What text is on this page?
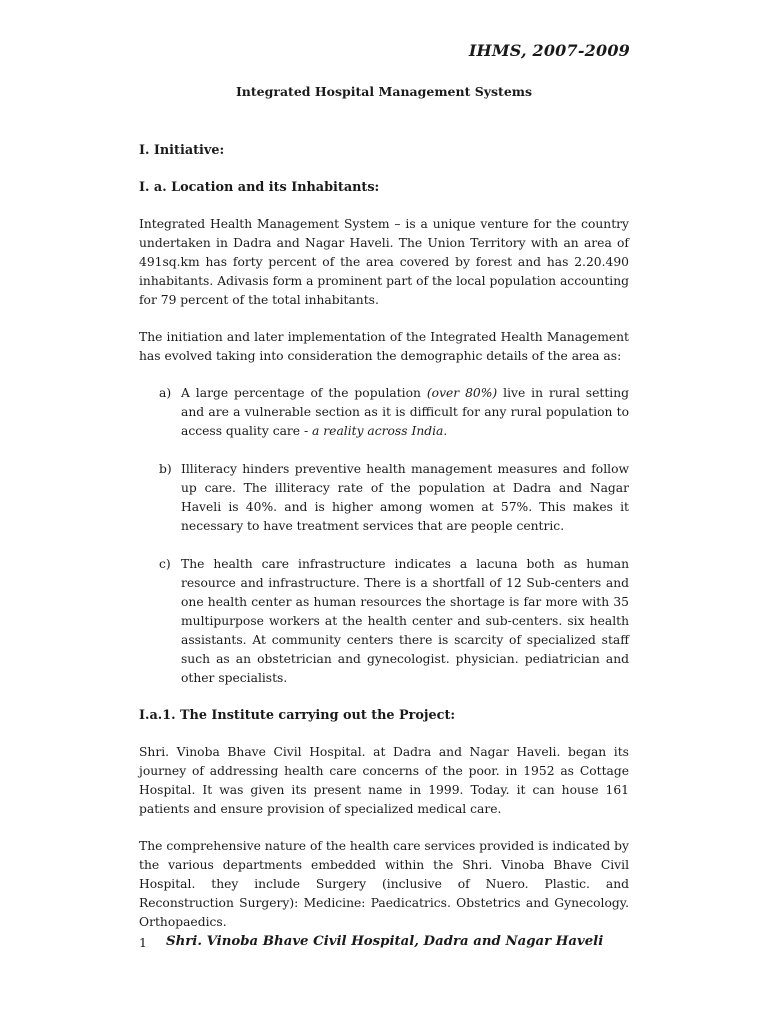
IHMS, 2007-2009
Integrated Hospital Management Systems

I. Initiative:

I. a. Location and its Inhabitants:

Integrated Health Management System – is a unique venture for the country undertaken in Dadra and Nagar Haveli. The Union Territory with an area of 491sq.km has forty percent of the area covered by forest and has 2.20.490 inhabitants. Adivasis form a prominent part of the local population accounting for 79 percent of the total inhabitants.

The initiation and later implementation of the Integrated Health Management has evolved taking into consideration the demographic details of the area as:

a) A large percentage of the population (over 80%) live in rural setting and are a vulnerable section as it is difficult for any rural population to access quality care - a reality across India.
b) Illiteracy hinders preventive health management measures and follow up care. The illiteracy rate of the population at Dadra and Nagar Haveli is 40%. and is higher among women at 57%. This makes it necessary to have treatment services that are people centric.
c) The health care infrastructure indicates a lacuna both as human resource and infrastructure. There is a shortfall of 12 Sub-centers and one health center as human resources the shortage is far more with 35 multipurpose workers at the health center and sub-centers. six health assistants. At community centers there is scarcity of specialized staff such as an obstetrician and gynecologist. physician. pediatrician and other specialists.

I.a.1. The Institute carrying out the Project:

Shri. Vinoba Bhave Civil Hospital. at Dadra and Nagar Haveli. began its journey of addressing health care concerns of the poor. in 1952 as Cottage Hospital. It was given its present name in 1999. Today. it can house 161 patients and ensure provision of specialized medical care.

The comprehensive nature of the health care services provided is indicated by the various departments embedded within the Shri. Vinoba Bhave Civil Hospital. they include Surgery (inclusive of Nuero. Plastic. and Reconstruction Surgery): Medicine: Paedicatrics. Obstetrics and Gynecology. Orthopaedics.

1 Shri. Vinoba Bhave Civil Hospital, Dadra and Nagar Haveli
